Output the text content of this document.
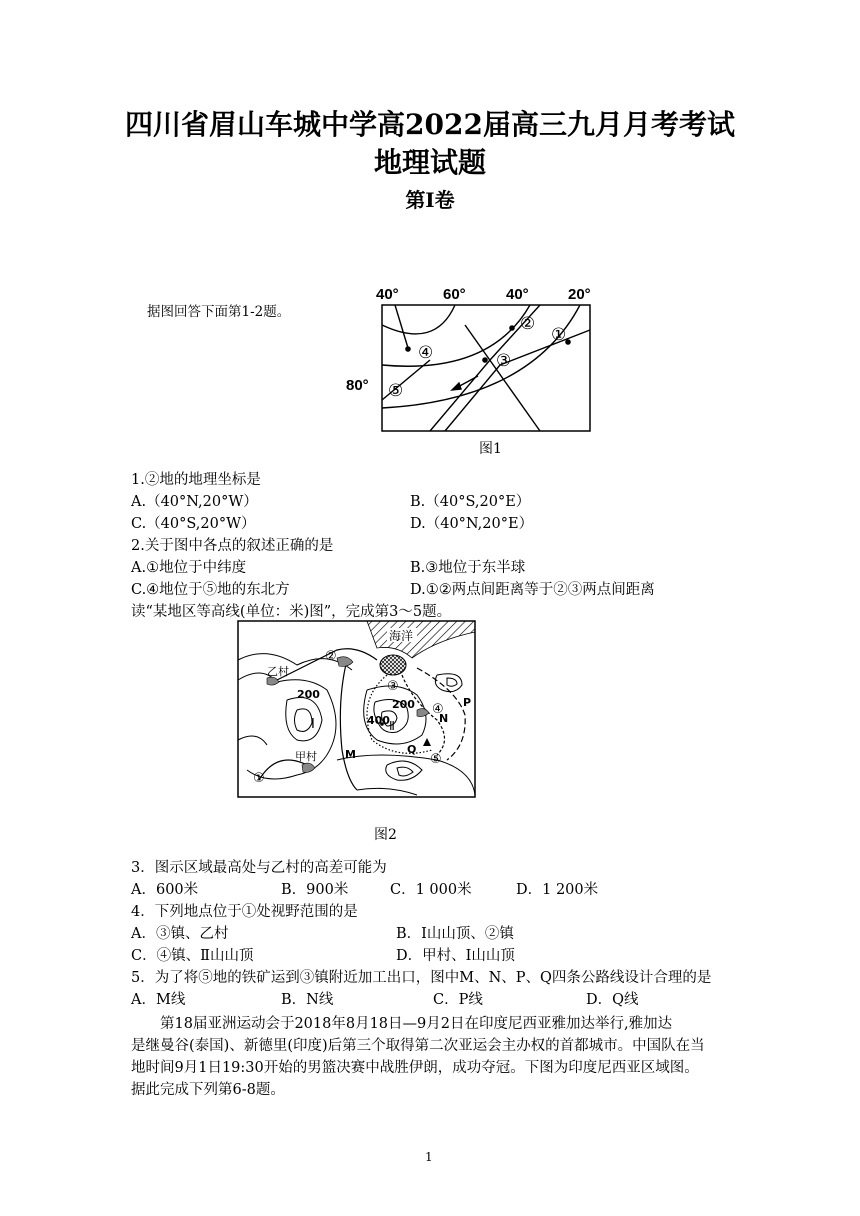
四川省眉山车城中学高2022届高三九月月考考试
地理试题
第Ⅰ卷
据图回答下面第1-2题。
40°	60°	40°	20°
80°
②
①
③
④
⑤
图1
1.②地的地理坐标是
A.（40°N,20°W）	B.（40°S,20°E）
C.（40°S,20°W）	D.（40°N,20°E）
2.关于图中各点的叙述正确的是
A.①地位于中纬度	B.③地位于东半球
C.④地位于⑤地的东北方	D.①②两点间距离等于②③两点间距离
读“某地区等高线(单位：米)图”，完成第3～5题。
海洋
乙村
甲村
200
200
400
Ⅰ	Ⅱ
M
N
P
Q
①
②
③
④
⑤
图2
3．图示区域最高处与乙村的高差可能为
A．600米	B．900米	C．1 000米	D．1 200米
4．下列地点位于①处视野范围的是
A．③镇、乙村	B．Ⅰ山山顶、②镇
C．④镇、Ⅱ山山顶	D．甲村、Ⅰ山山顶
5．为了将⑤地的铁矿运到③镇附近加工出口，图中M、N、P、Q四条公路线设计合理的是
A．M线	B．N线	C．P线	D．Q线
第18届亚洲运动会于2018年8月18日—9月2日在印度尼西亚雅加达举行,雅加达
是继曼谷(泰国)、新德里(印度)后第三个取得第二次亚运会主办权的首都城市。中国队在当
地时间9月1日19:30开始的男篮决赛中战胜伊朗，成功夺冠。下图为印度尼西亚区域图。
据此完成下列第6-8题。
1
